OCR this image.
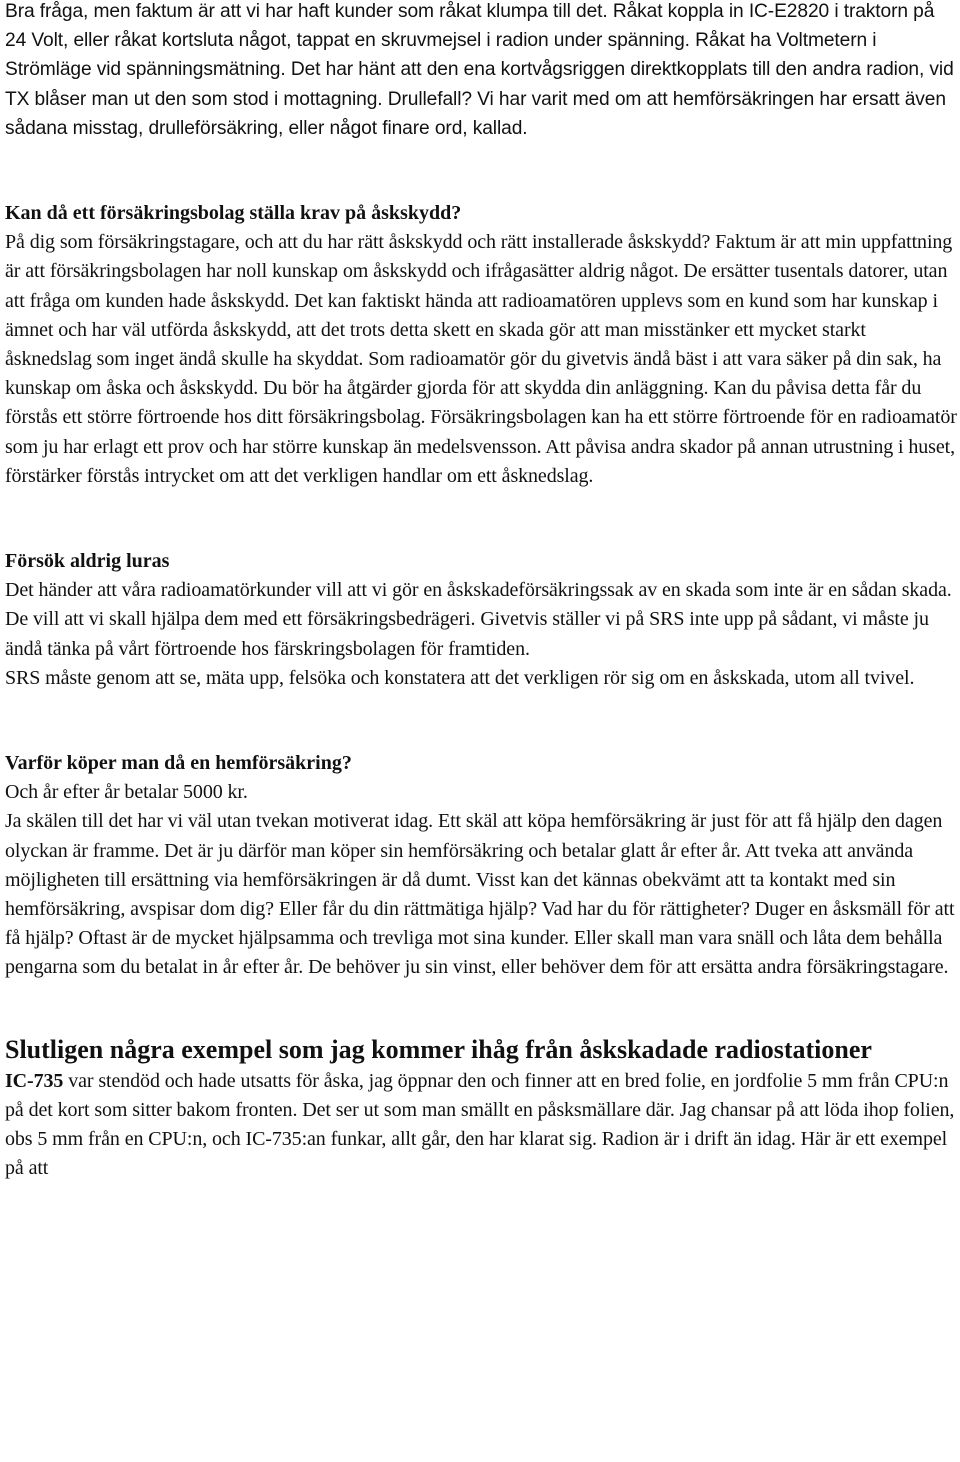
Bra fråga, men faktum är att vi har haft kunder som råkat klumpa till det. Råkat koppla in IC-E2820 i traktorn på 24 Volt, eller råkat kortsluta något, tappat en skruvmejsel i radion under spänning. Råkat ha Voltmetern i Strömläge vid spänningsmätning. Det har hänt att den ena kortvågsriggen direktkopplats till den andra radion, vid TX blåser man ut den som stod i mottagning. Drullefall? Vi har varit med om att hemförsäkringen har ersatt även sådana misstag, drulleförsäkring, eller något finare ord, kallad.

Kan då ett försäkringsbolag ställa krav på åskskydd?

På dig som försäkringstagare, och att du har rätt åskskydd och rätt installerade åskskydd? Faktum är att min uppfattning är att försäkringsbolagen har noll kunskap om åskskydd och ifrågasätter aldrig något. De ersätter tusentals datorer, utan att fråga om kunden hade åskskydd. Det kan faktiskt hända att radioamatören upplevs som en kund som har kunskap i ämnet och har väl utförda åskskydd, att det trots detta skett en skada gör att man misstänker ett mycket starkt åsknedslag som inget ändå skulle ha skyddat. Som radioamatör gör du givetvis ändå bäst i att vara säker på din sak, ha kunskap om åska och åskskydd. Du bör ha åtgärder gjorda för att skydda din anläggning. Kan du påvisa detta får du förstås ett större förtroende hos ditt försäkringsbolag. Försäkringsbolagen kan ha ett större förtroende för en radioamatör som ju har erlagt ett prov och har större kunskap än medelsvensson. Att påvisa andra skador på annan utrustning i huset, förstärker förstås intrycket om att det verkligen handlar om ett åsknedslag.

Försök aldrig luras

Det händer att våra radioamatörkunder vill att vi gör en åskskadeförsäkringssak av en skada som inte är en sådan skada. De vill att vi skall hjälpa dem med ett försäkringsbedrägeri. Givetvis ställer vi på SRS inte upp på sådant, vi måste ju ändå tänka på vårt förtroende hos färskringsbolagen för framtiden.

SRS måste genom att se, mäta upp, felsöka och konstatera att det verkligen rör sig om en åskskada, utom all tvivel.

Varför köper man då en hemförsäkring?

Och år efter år betalar 5000 kr.

Ja skälen till det har vi väl utan tvekan motiverat idag. Ett skäl att köpa hemförsäkring är just för att få hjälp den dagen olyckan är framme. Det är ju därför man köper sin hemförsäkring och betalar glatt år efter år. Att tveka att använda möjligheten till ersättning via hemförsäkringen är då dumt. Visst kan det kännas obekvämt att ta kontakt med sin hemförsäkring, avspisar dom dig? Eller får du din rättmätiga hjälp? Vad har du för rättigheter? Duger en åsksmäll för att få hjälp? Oftast är de mycket hjälpsamma och trevliga mot sina kunder. Eller skall man vara snäll och låta dem behålla pengarna som du betalat in år efter år. De behöver ju sin vinst, eller behöver dem för att ersätta andra försäkringstagare.

Slutligen några exempel som jag kommer ihåg från åskskadade radiostationer

IC-735 var stendöd och hade utsatts för åska, jag öppnar den och finner att en bred folie, en jordfolie 5 mm från CPU:n på det kort som sitter bakom fronten. Det ser ut som man smällt en påsksmällare där. Jag chansar på att löda ihop folien, obs 5 mm från en CPU:n, och IC-735:an funkar, allt går, den har klarat sig. Radion är i drift än idag. Här är ett exempel på att
